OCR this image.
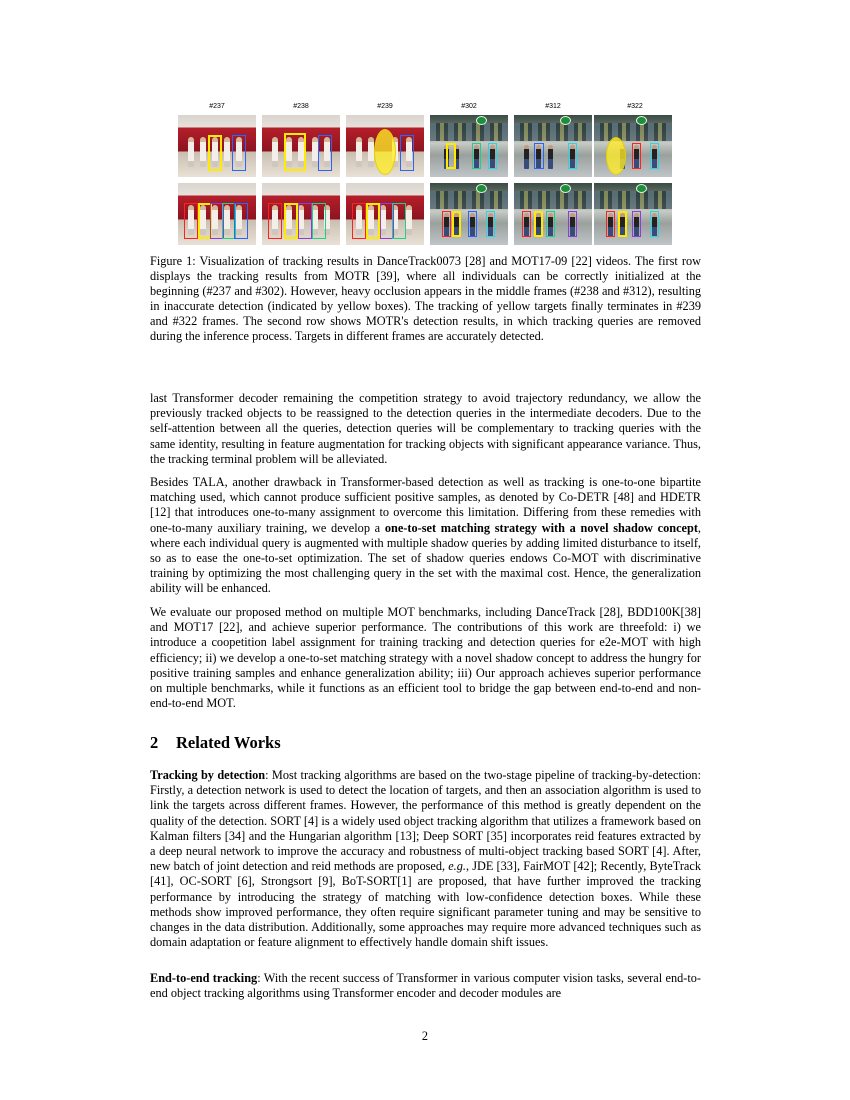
#237	#238	#239	#302	#312	#322

Figure 1: Visualization of tracking results in DanceTrack0073 [28] and MOT17-09 [22] videos. The first row displays the tracking results from MOTR [39], where all individuals can be correctly initialized at the beginning (#237 and #302). However, heavy occlusion appears in the middle frames (#238 and #312), resulting in inaccurate detection (indicated by yellow boxes). The tracking of yellow targets finally terminates in #239 and #322 frames. The second row shows MOTR's detection results, in which tracking queries are removed during the inference process. Targets in different frames are accurately detected.

last Transformer decoder remaining the competition strategy to avoid trajectory redundancy, we allow the previously tracked objects to be reassigned to the detection queries in the intermediate decoders. Due to the self-attention between all the queries, detection queries will be complementary to tracking queries with the same identity, resulting in feature augmentation for tracking objects with significant appearance variance. Thus, the tracking terminal problem will be alleviated.

Besides TALA, another drawback in Transformer-based detection as well as tracking is one-to-one bipartite matching used, which cannot produce sufficient positive samples, as denoted by Co-DETR [48] and HDETR [12] that introduces one-to-many assignment to overcome this limitation. Differing from these remedies with one-to-many auxiliary training, we develop a one-to-set matching strategy with a novel shadow concept, where each individual query is augmented with multiple shadow queries by adding limited disturbance to itself, so as to ease the one-to-set optimization. The set of shadow queries endows Co-MOT with discriminative training by optimizing the most challenging query in the set with the maximal cost. Hence, the generalization ability will be enhanced.

We evaluate our proposed method on multiple MOT benchmarks, including DanceTrack [28], BDD100K[38] and MOT17 [22], and achieve superior performance. The contributions of this work are threefold: i) we introduce a coopetition label assignment for training tracking and detection queries for e2e-MOT with high efficiency; ii) we develop a one-to-set matching strategy with a novel shadow concept to address the hungry for positive training samples and enhance generalization ability; iii) Our approach achieves superior performance on multiple benchmarks, while it functions as an efficient tool to bridge the gap between end-to-end and non-end-to-end MOT.

2 Related Works

Tracking by detection: Most tracking algorithms are based on the two-stage pipeline of tracking-by-detection: Firstly, a detection network is used to detect the location of targets, and then an association algorithm is used to link the targets across different frames. However, the performance of this method is greatly dependent on the quality of the detection. SORT [4] is a widely used object tracking algorithm that utilizes a framework based on Kalman filters [34] and the Hungarian algorithm [13]; Deep SORT [35] incorporates reid features extracted by a deep neural network to improve the accuracy and robustness of multi-object tracking based SORT [4]. After, new batch of joint detection and reid methods are proposed, e.g., JDE [33], FairMOT [42]; Recently, ByteTrack [41], OC-SORT [6], Strongsort [9], BoT-SORT[1] are proposed, that have further improved the tracking performance by introducing the strategy of matching with low-confidence detection boxes. While these methods show improved performance, they often require significant parameter tuning and may be sensitive to changes in the data distribution. Additionally, some approaches may require more advanced techniques such as domain adaptation or feature alignment to effectively handle domain shift issues.

End-to-end tracking: With the recent success of Transformer in various computer vision tasks, several end-to-end object tracking algorithms using Transformer encoder and decoder modules are

2
